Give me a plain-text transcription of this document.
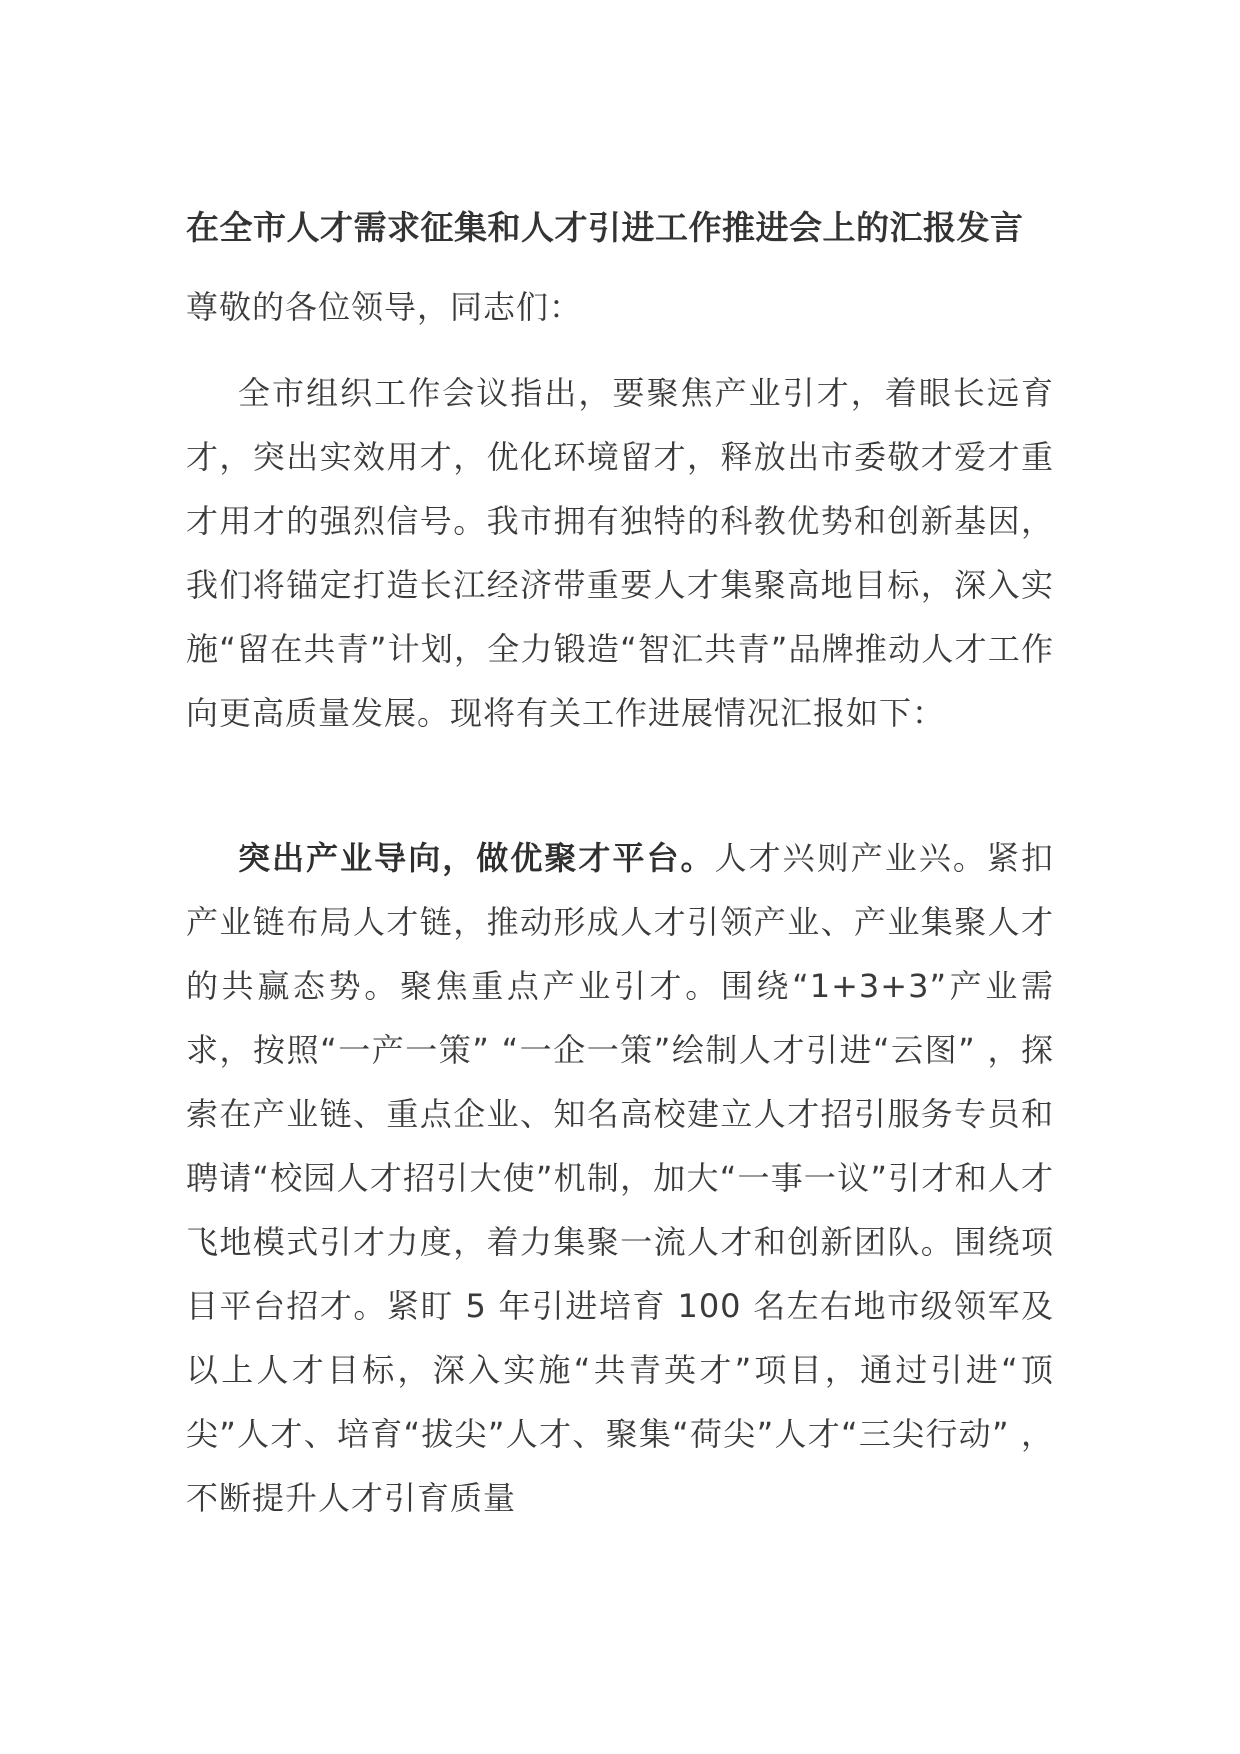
在全市人才需求征集和人才引进工作推进会上的汇报发言
尊敬的各位领导，同志们：
全市组织工作会议指出，要聚焦产业引才，着眼长远育才，突出实效用才，优化环境留才，释放出市委敬才爱才重才用才的强烈信号。我市拥有独特的科教优势和创新基因，我们将锚定打造长江经济带重要人才集聚高地目标，深入实施“留在共青”计划，全力锻造“智汇共青”品牌推动人才工作向更高质量发展。现将有关工作进展情况汇报如下：
突出产业导向，做优聚才平台。人才兴则产业兴。紧扣产业链布局人才链，推动形成人才引领产业、产业集聚人才的共赢态势。聚焦重点产业引才。围绕“1+3+3”产业需求，按照“一产一策” “一企一策”绘制人才引进“云图” ，探索在产业链、重点企业、知名高校建立人才招引服务专员和聘请“校园人才招引大使”机制，加大“一事一议”引才和人才飞地模式引才力度，着力集聚一流人才和创新团队。围绕项目平台招才。紧盯 5 年引进培育 100 名左右地市级领军及以上人才目标，深入实施“共青英才”项目，通过引进“顶尖”人才、培育“拔尖”人才、聚集“荷尖”人才“三尖行动” ，不断提升人才引育质量
